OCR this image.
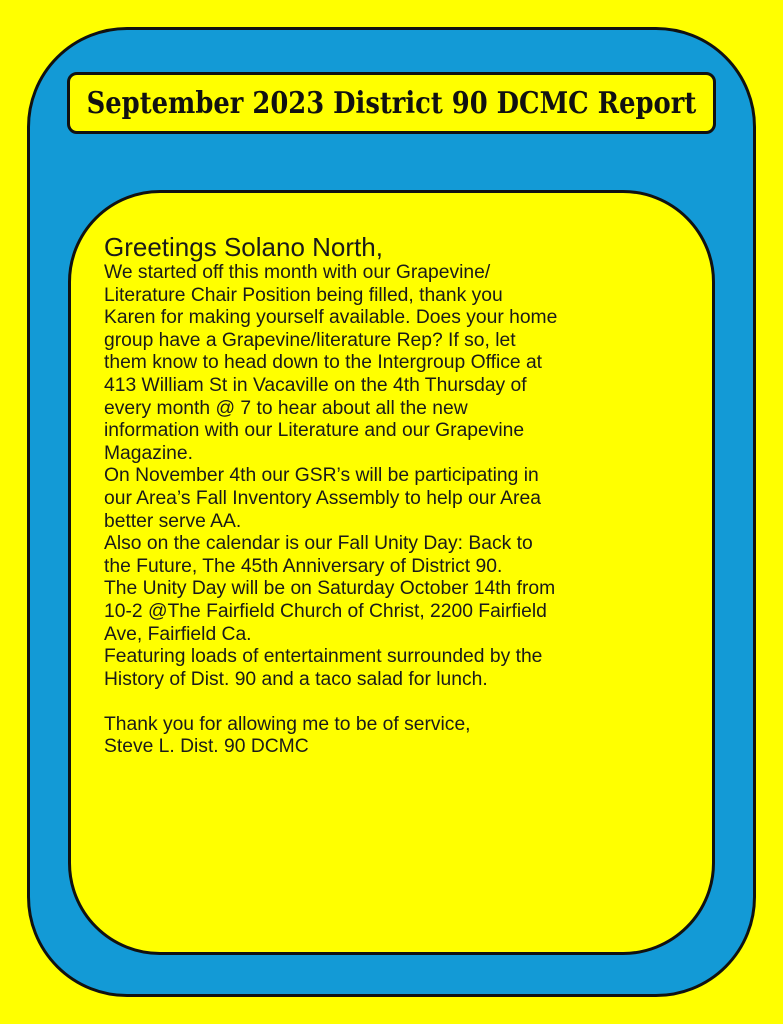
September 2023 District 90 DCMC Report
Greetings Solano North,
We started off this month with our Grapevine/
Literature Chair Position being filled, thank you
Karen for making yourself available. Does your home
group have a Grapevine/literature Rep? If so, let
them know to head down to the Intergroup Office at
413 William St in Vacaville on the 4th Thursday of
every month @ 7 to hear about all the new
information with our Literature and our Grapevine
Magazine.
On November 4th our GSR’s will be participating in
our Area’s Fall Inventory Assembly to help our Area
better serve AA.
Also on the calendar is our Fall Unity Day: Back to
the Future, The 45th Anniversary of District 90.
The Unity Day will be on Saturday October 14th from
10-2 @The Fairfield Church of Christ, 2200 Fairfield
Ave, Fairfield Ca.
Featuring loads of entertainment surrounded by the
History of Dist. 90 and a taco salad for lunch.
Thank you for allowing me to be of service,
Steve L. Dist. 90 DCMC
